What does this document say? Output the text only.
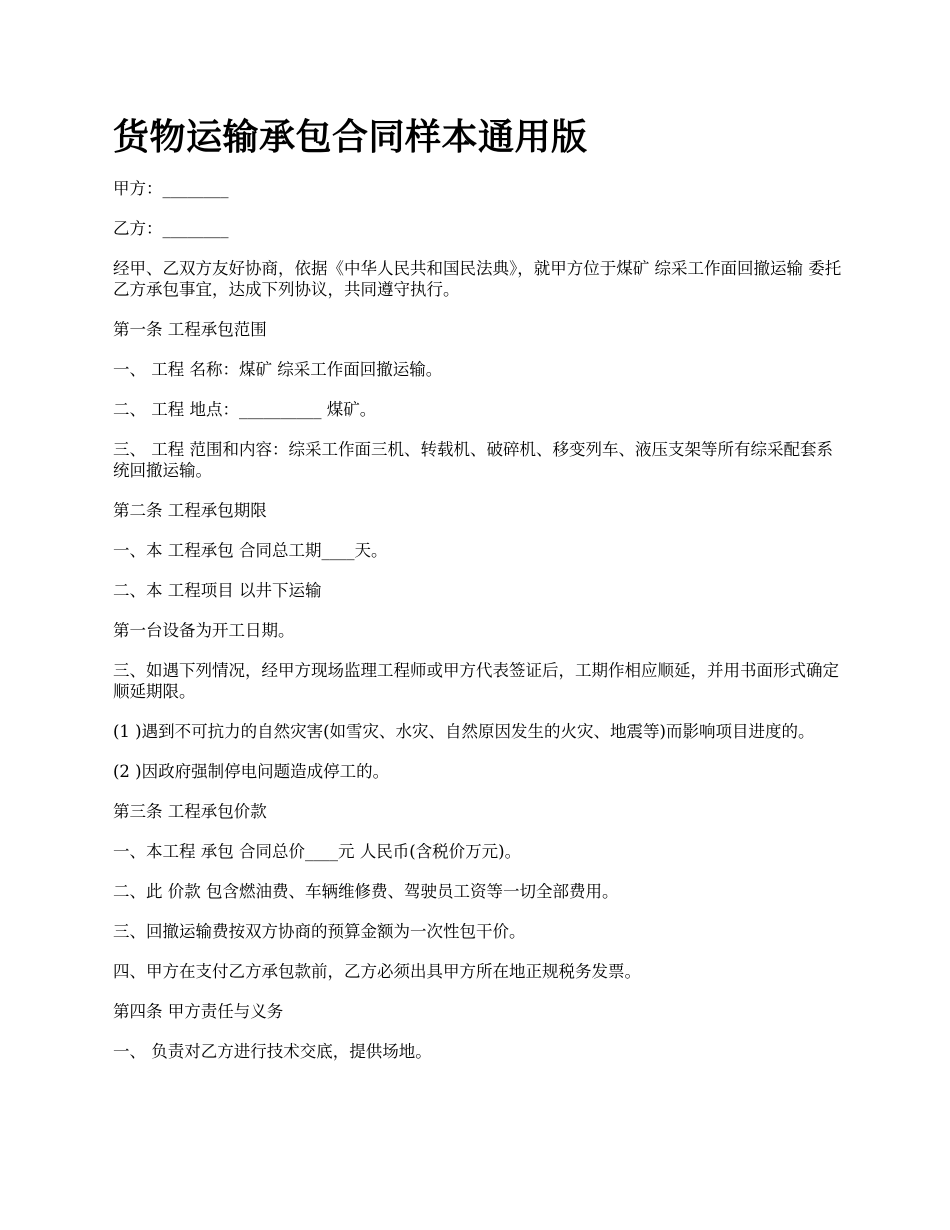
货物运输承包合同样本通用版

甲方：________

乙方：________

经甲、乙双方友好协商，依据《中华人民共和国民法典》，就甲方位于煤矿 综采工作面回撤运输 委托乙方承包事宜，达成下列协议，共同遵守执行。

第一条 工程承包范围

一、 工程 名称：煤矿 综采工作面回撤运输。

二、 工程 地点：__________ 煤矿。

三、 工程 范围和内容：综采工作面三机、转载机、破碎机、移变列车、液压支架等所有综采配套系统回撤运输。

第二条 工程承包期限

一、本 工程承包 合同总工期____天。

二、本 工程项目 以井下运输

第一台设备为开工日期。

三、如遇下列情况，经甲方现场监理工程师或甲方代表签证后，工期作相应顺延，并用书面形式确定顺延期限。

(1 )遇到不可抗力的自然灾害(如雪灾、水灾、自然原因发生的火灾、地震等)而影响项目进度的。

(2 )因政府强制停电问题造成停工的。

第三条 工程承包价款

一、本工程 承包 合同总价____元 人民币(含税价万元)。

二、此 价款 包含燃油费、车辆维修费、驾驶员工资等一切全部费用。

三、回撤运输费按双方协商的预算金额为一次性包干价。

四、甲方在支付乙方承包款前，乙方必须出具甲方所在地正规税务发票。

第四条 甲方责任与义务

一、 负责对乙方进行技术交底，提供场地。
